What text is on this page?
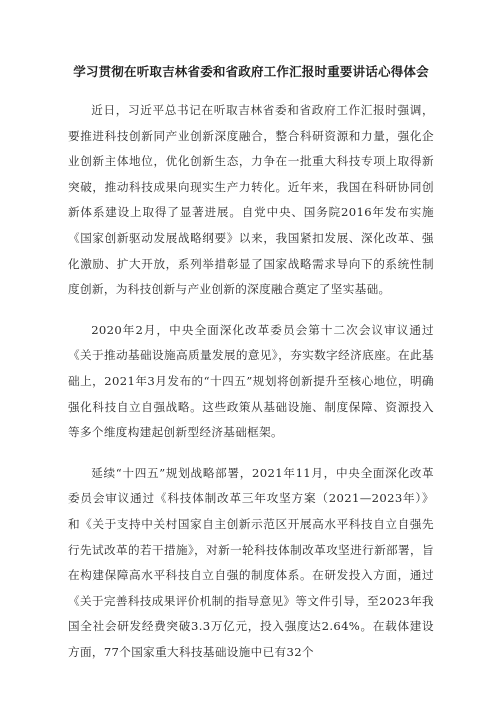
学习贯彻在听取吉林省委和省政府工作汇报时重要讲话心得体会

近日，习近平总书记在听取吉林省委和省政府工作汇报时强调，要推进科技创新同产业创新深度融合，整合科研资源和力量，强化企业创新主体地位，优化创新生态，力争在一批重大科技专项上取得新突破，推动科技成果向现实生产力转化。近年来，我国在科研协同创新体系建设上取得了显著进展。自党中央、国务院2016年发布实施《国家创新驱动发展战略纲要》以来，我国紧扣发展、深化改革、强化激励、扩大开放，系列举措彰显了国家战略需求导向下的系统性制度创新，为科技创新与产业创新的深度融合奠定了坚实基础。

2020年2月，中央全面深化改革委员会第十二次会议审议通过《关于推动基础设施高质量发展的意见》，夯实数字经济底座。在此基础上，2021年3月发布的“十四五”规划将创新提升至核心地位，明确强化科技自立自强战略。这些政策从基础设施、制度保障、资源投入等多个维度构建起创新型经济基础框架。

延续“十四五”规划战略部署，2021年11月，中央全面深化改革委员会审议通过《科技体制改革三年攻坚方案（2021—2023年）》和《关于支持中关村国家自主创新示范区开展高水平科技自立自强先行先试改革的若干措施》，对新一轮科技体制改革攻坚进行新部署，旨在构建保障高水平科技自立自强的制度体系。在研发投入方面，通过《关于完善科技成果评价机制的指导意见》等文件引导，至2023年我国全社会研发经费突破3.3万亿元，投入强度达2.64%。在载体建设方面，77个国家重大科技基础设施中已有32个
